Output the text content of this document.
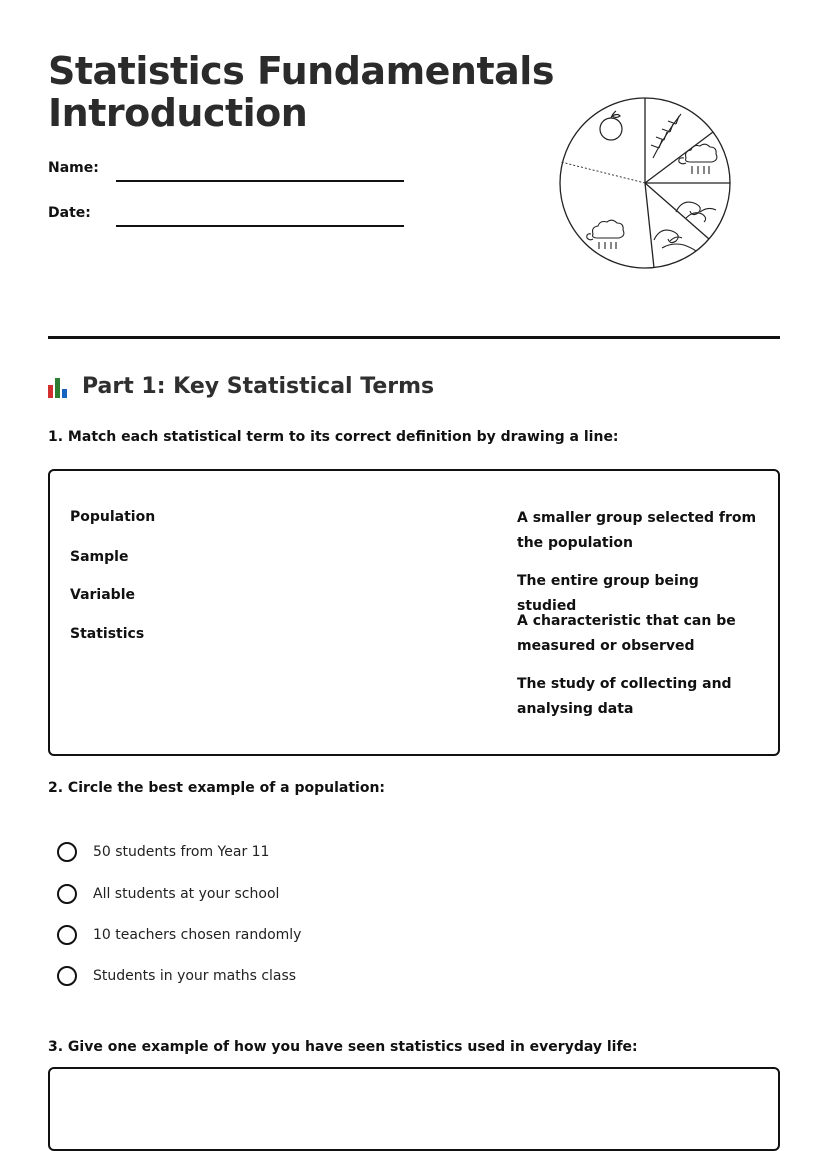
Statistics Fundamentals
Introduction
Name:
Date:
Part 1: Key Statistical Terms

1. Match each statistical term to its correct definition by drawing a line:

Population
Sample
Variable
Statistics
A smaller group selected from the population
The entire group being studied
A characteristic that can be measured or observed
The study of collecting and analysing data

2. Circle the best example of a population:

50 students from Year 11
All students at your school
10 teachers chosen randomly
Students in your maths class

3. Give one example of how you have seen statistics used in everyday life:
